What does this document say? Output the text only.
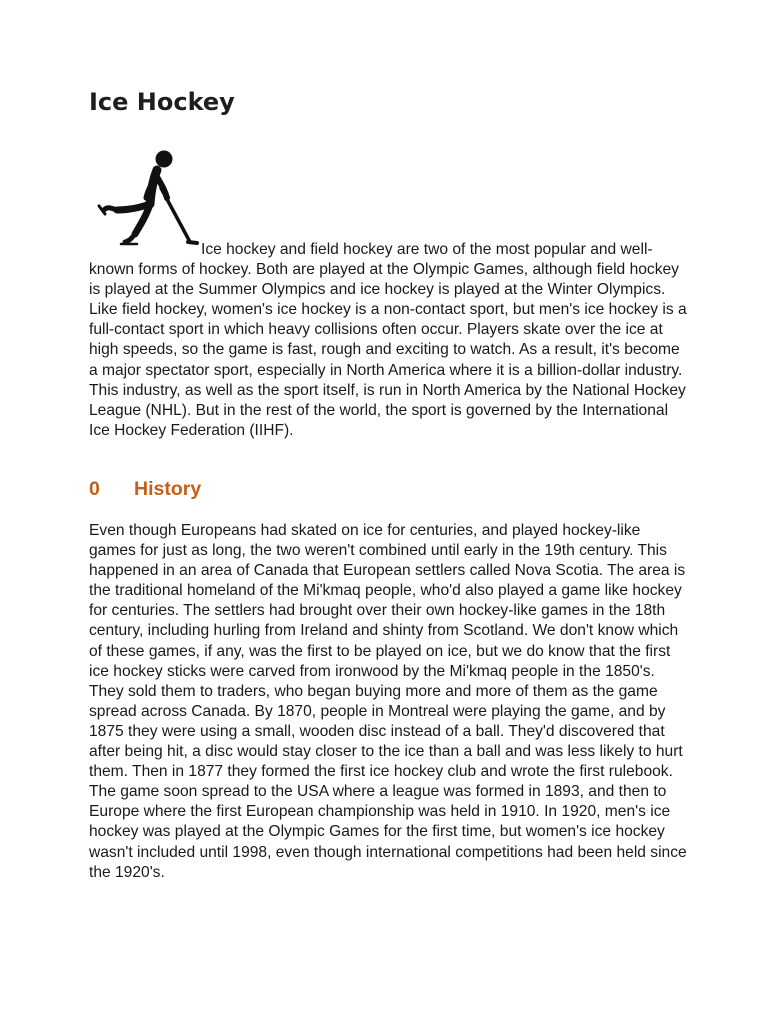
Ice Hockey

Ice hockey and field hockey are two of the most popular and well-known forms of hockey. Both are played at the Olympic Games, although field hockey is played at the Summer Olympics and ice hockey is played at the Winter Olympics. Like field hockey, women's ice hockey is a non-contact sport, but men's ice hockey is a full-contact sport in which heavy collisions often occur. Players skate over the ice at high speeds, so the game is fast, rough and exciting to watch. As a result, it's become a major spectator sport, especially in North America where it is a billion-dollar industry. This industry, as well as the sport itself, is run in North America by the National Hockey League (NHL). But in the rest of the world, the sport is governed by the International Ice Hockey Federation (IIHF).

0 History

Even though Europeans had skated on ice for centuries, and played hockey-like games for just as long, the two weren't combined until early in the 19th century. This happened in an area of Canada that European settlers called Nova Scotia. The area is the traditional homeland of the Mi'kmaq people, who'd also played a game like hockey for centuries. The settlers had brought over their own hockey-like games in the 18th century, including hurling from Ireland and shinty from Scotland. We don't know which of these games, if any, was the first to be played on ice, but we do know that the first ice hockey sticks were carved from ironwood by the Mi'kmaq people in the 1850's. They sold them to traders, who began buying more and more of them as the game spread across Canada. By 1870, people in Montreal were playing the game, and by 1875 they were using a small, wooden disc instead of a ball. They'd discovered that after being hit, a disc would stay closer to the ice than a ball and was less likely to hurt them. Then in 1877 they formed the first ice hockey club and wrote the first rulebook. The game soon spread to the USA where a league was formed in 1893, and then to Europe where the first European championship was held in 1910. In 1920, men's ice hockey was played at the Olympic Games for the first time, but women's ice hockey wasn't included until 1998, even though international competitions had been held since the 1920's.
